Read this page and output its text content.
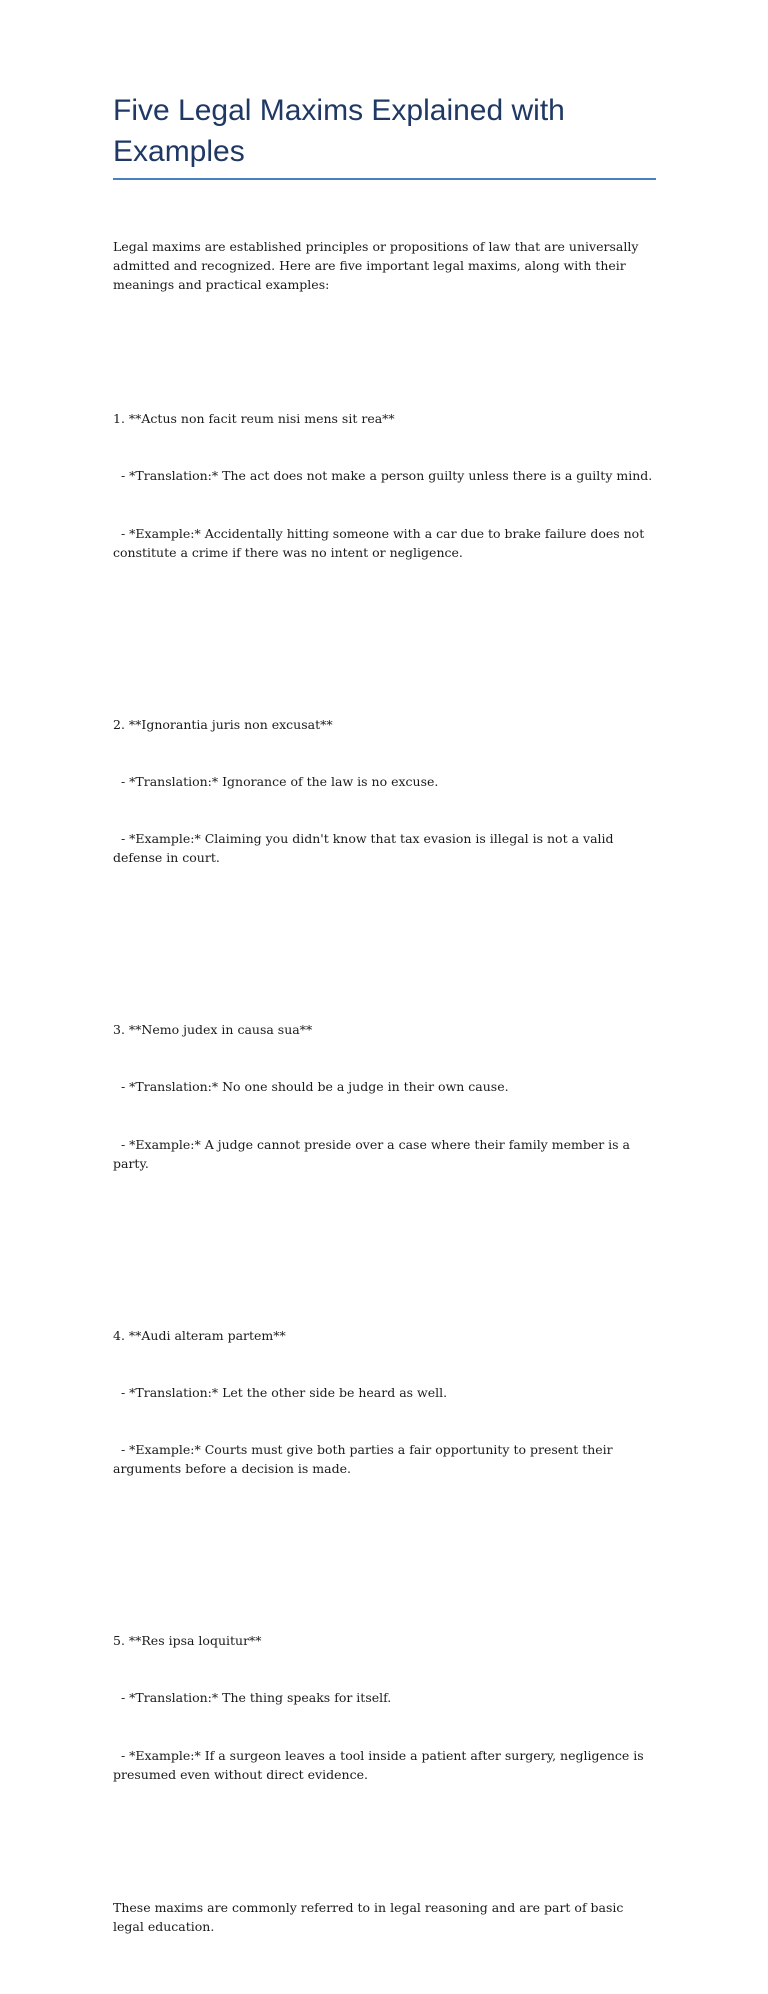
Five Legal Maxims Explained with Examples

Legal maxims are established principles or propositions of law that are universally admitted and recognized. Here are five important legal maxims, along with their meanings and practical examples:

1. **Actus non facit reum nisi mens sit rea**

- *Translation:* The act does not make a person guilty unless there is a guilty mind.

- *Example:* Accidentally hitting someone with a car due to brake failure does not constitute a crime if there was no intent or negligence.

2. **Ignorantia juris non excusat**

- *Translation:* Ignorance of the law is no excuse.

- *Example:* Claiming you didn't know that tax evasion is illegal is not a valid defense in court.

3. **Nemo judex in causa sua**

- *Translation:* No one should be a judge in their own cause.

- *Example:* A judge cannot preside over a case where their family member is a party.

4. **Audi alteram partem**

- *Translation:* Let the other side be heard as well.

- *Example:* Courts must give both parties a fair opportunity to present their arguments before a decision is made.

5. **Res ipsa loquitur**

- *Translation:* The thing speaks for itself.

- *Example:* If a surgeon leaves a tool inside a patient after surgery, negligence is presumed even without direct evidence.

These maxims are commonly referred to in legal reasoning and are part of basic legal education.
